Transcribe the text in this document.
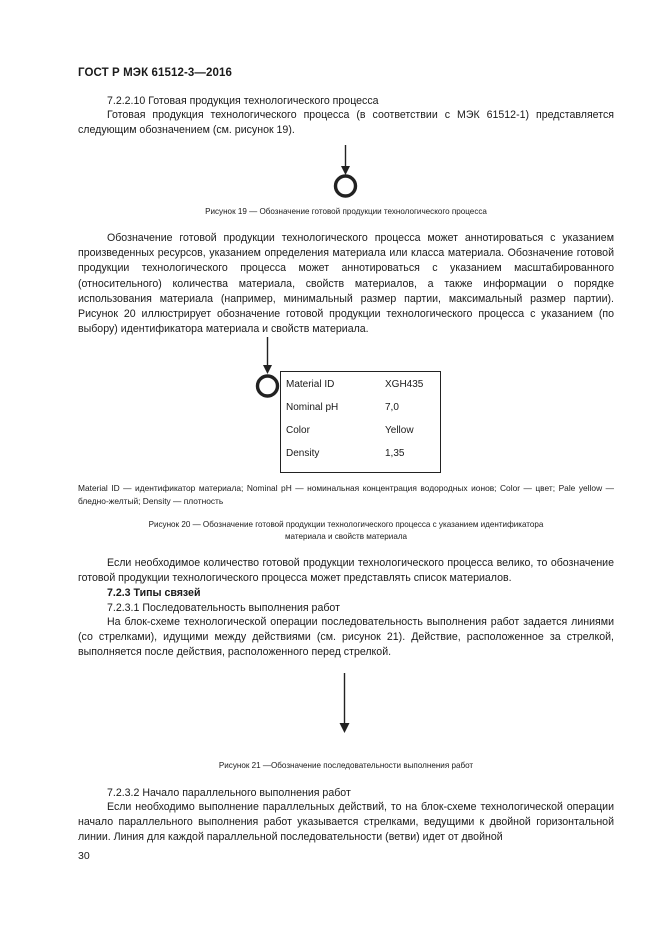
ГОСТ Р МЭК 61512-3—2016
7.2.2.10 Готовая продукция технологического процесса
Готовая продукция технологического процесса (в соответствии с МЭК 61512-1) представляется следующим обозначением (см. рисунок 19).
Рисунок 19 — Обозначение готовой продукции технологического процесса
Обозначение готовой продукции технологического процесса может аннотироваться с указанием произведенных ресурсов, указанием определения материала или класса материала. Обозначение готовой продукции технологического процесса может аннотироваться с указанием масштабированного (относительного) количества материала, свойств материалов, а также информации о порядке использования материала (например, минимальный размер партии, максимальный размер партии). Рисунок 20 иллюстрирует обозначение готовой продукции технологического процесса с указанием (по выбору) идентификатора материала и свойств материала.
Material ID	XGH435
Nominal pH	7,0
Color	Yellow
Density	1,35
Material ID — идентификатор материала; Nominal pH — номинальная концентрация водородных ионов; Color — цвет; Pale yellow — бледно-желтый; Density — плотность
Рисунок 20 — Обозначение готовой продукции технологического процесса с указанием идентификатора
материала и свойств материала
Если необходимое количество готовой продукции технологического процесса велико, то обозначение готовой продукции технологического процесса может представлять список материалов.
7.2.3 Типы связей
7.2.3.1 Последовательность выполнения работ
На блок-схеме технологической операции последовательность выполнения работ задается линиями (со стрелками), идущими между действиями (см. рисунок 21). Действие, расположенное за стрелкой, выполняется после действия, расположенного перед стрелкой.
Рисунок 21 —Обозначение последовательности выполнения работ
7.2.3.2 Начало параллельного выполнения работ
Если необходимо выполнение параллельных действий, то на блок-схеме технологической операции начало параллельного выполнения работ указывается стрелками, ведущими к двойной горизонтальной линии. Линия для каждой параллельной последовательности (ветви) идет от двойной
30
